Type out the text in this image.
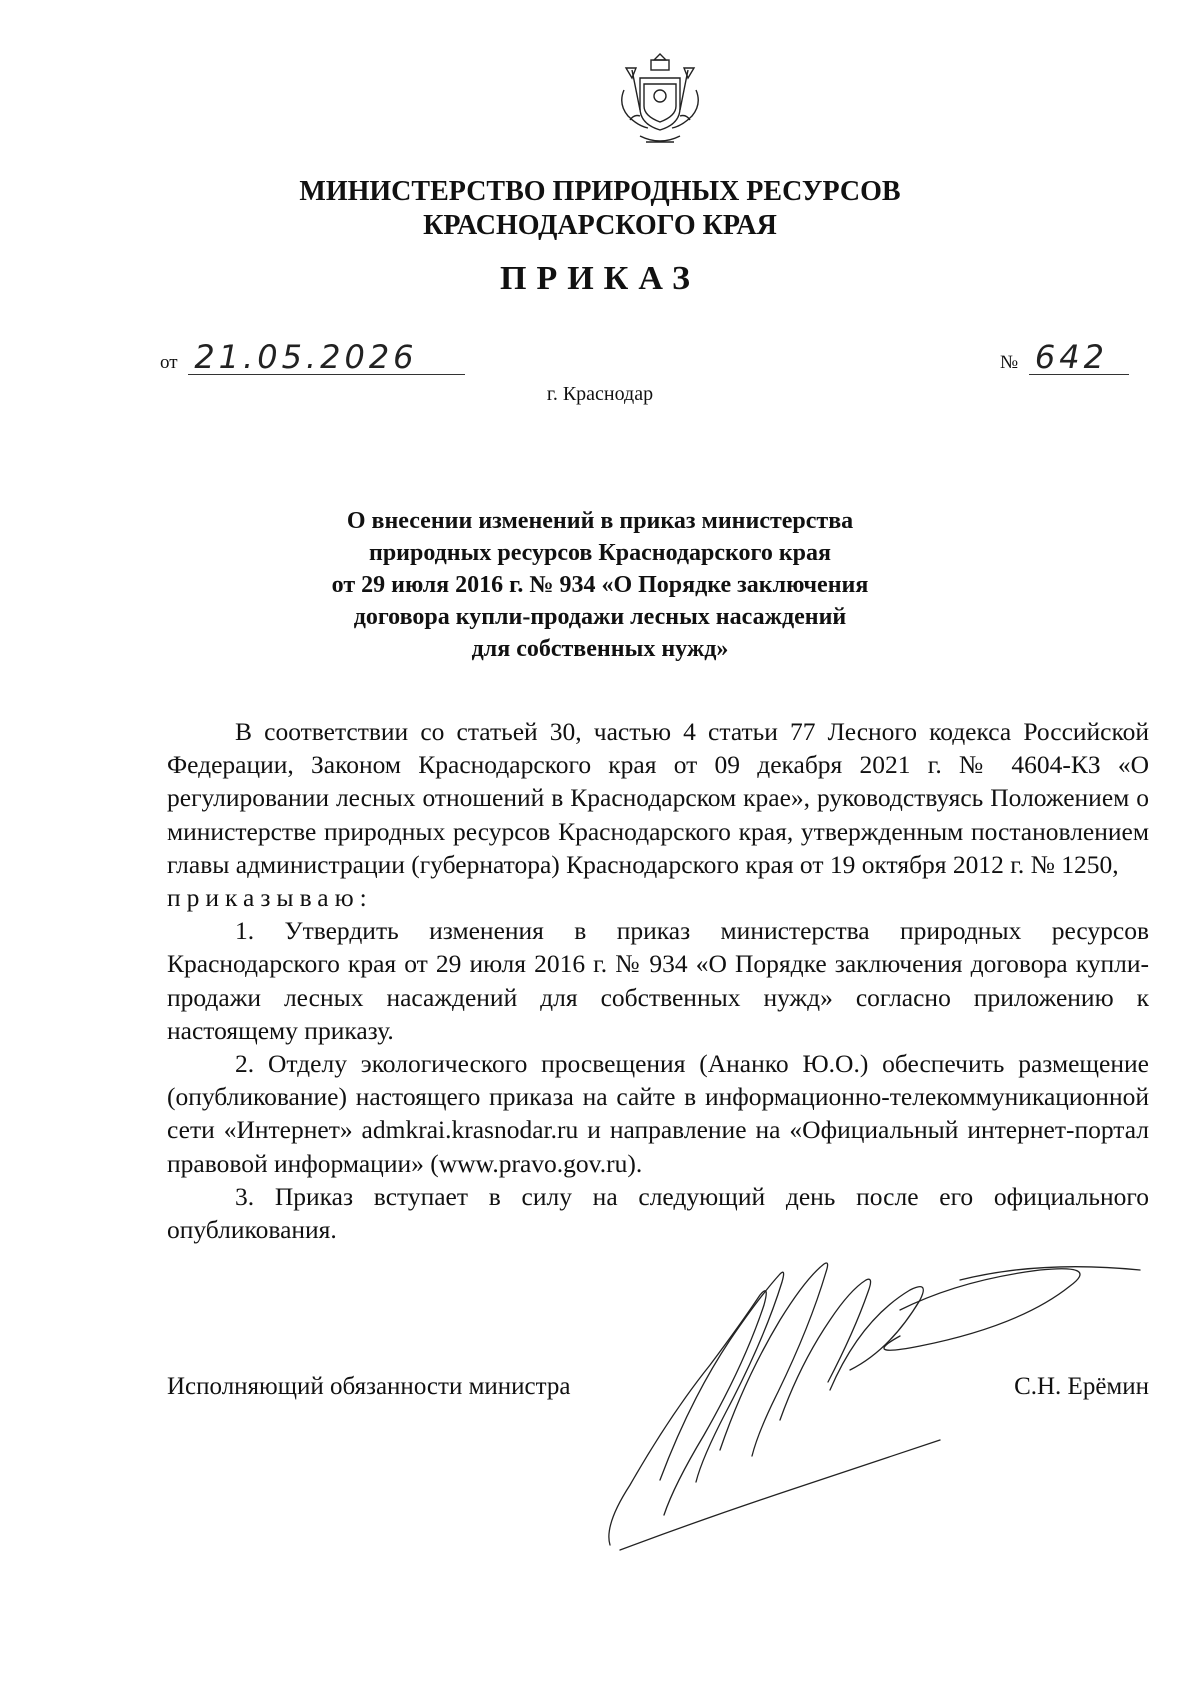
МИНИСТЕРСТВО ПРИРОДНЫХ РЕСУРСОВ
КРАСНОДАРСКОГО КРАЯ
ПРИКАЗ
от 21.05.2026	№ 642
г. Краснодар
О внесении изменений в приказ министерства
природных ресурсов Краснодарского края
от 29 июля 2016 г. № 934 «О Порядке заключения
договора купли-продажи лесных насаждений
для собственных нужд»

В соответствии со статьей 30, частью 4 статьи 77 Лесного кодекса Российской Федерации, Законом Краснодарского края от 09 декабря 2021 г. № 4604-КЗ «О регулировании лесных отношений в Краснодарском крае», руководствуясь Положением о министерстве природных ресурсов Краснодарского края, утвержденным постановлением главы администрации (губернатора) Краснодарского края от 19 октября 2012 г. № 1250,

приказываю:

1. Утвердить изменения в приказ министерства природных ресурсов Краснодарского края от 29 июля 2016 г. № 934 «О Порядке заключения договора купли-продажи лесных насаждений для собственных нужд» согласно приложению к настоящему приказу.

2. Отделу экологического просвещения (Ананко Ю.О.) обеспечить размещение (опубликование) настоящего приказа на сайте в информационно-телекоммуникационной сети «Интернет» admkrai.krasnodar.ru и направление на «Официальный интернет-портал правовой информации» (www.pravo.gov.ru).

3. Приказ вступает в силу на следующий день после его официального опубликования.

Исполняющий обязанности министра	С.Н. Ерёмин
